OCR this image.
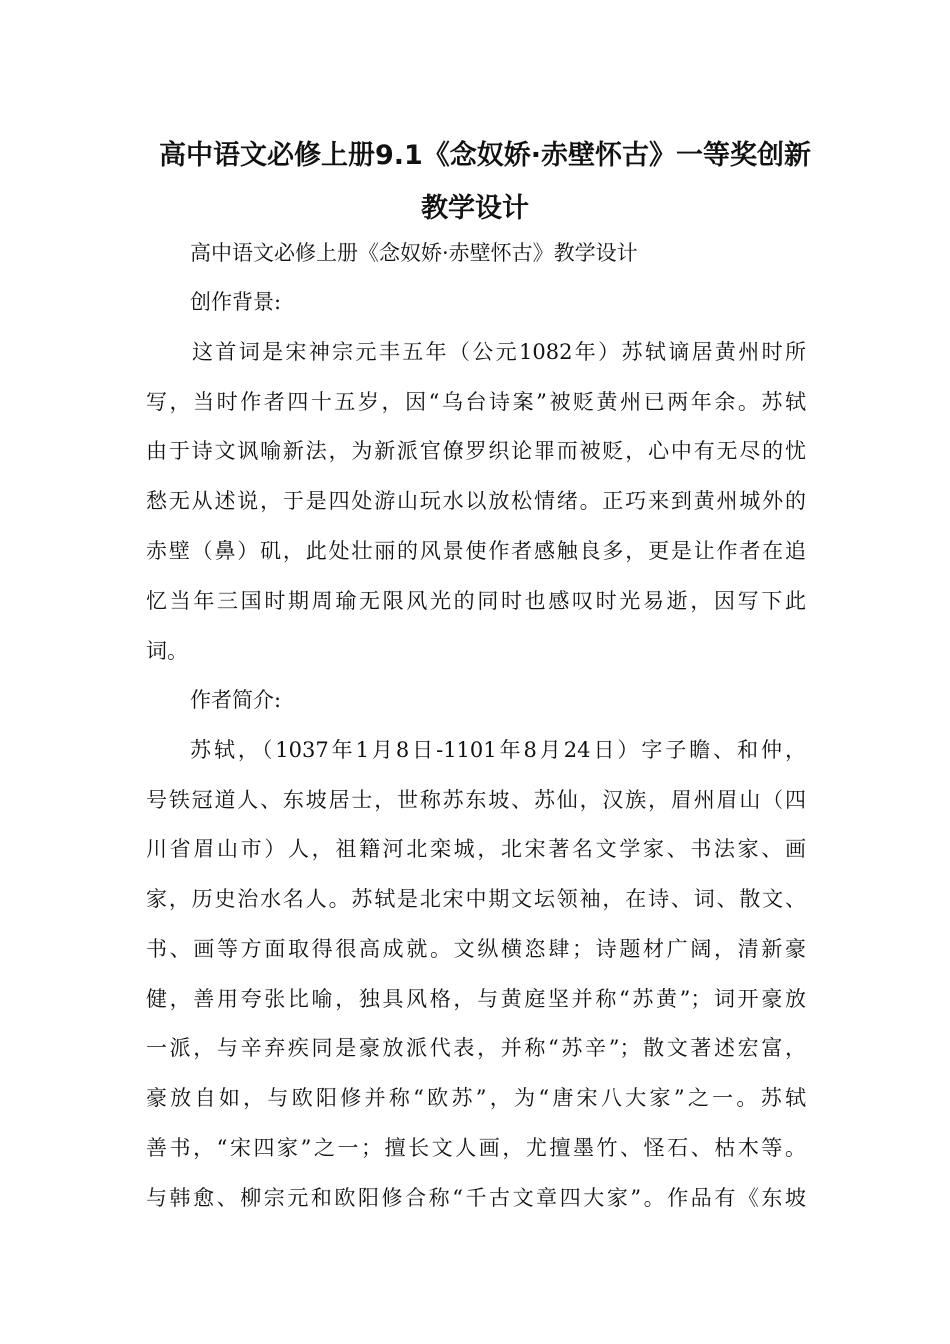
高中语文必修上册9.1《念奴娇·赤壁怀古》一等奖创新
教学设计
高中语文必修上册《念奴娇·赤壁怀古》教学设计
创作背景:
这首词是宋神宗元丰五年（公元1082年）苏轼谪居黄州时所
写，当时作者四十五岁，因“乌台诗案”被贬黄州已两年余。苏轼
由于诗文讽喻新法，为新派官僚罗织论罪而被贬，心中有无尽的忧
愁无从述说，于是四处游山玩水以放松情绪。正巧来到黄州城外的
赤壁（鼻）矶，此处壮丽的风景使作者感触良多，更是让作者在追
忆当年三国时期周瑜无限风光的同时也感叹时光易逝，因写下此
词。
作者简介:
苏轼，（1037年1月8日-1101年8月24日）字子瞻、和仲，
号铁冠道人、东坡居士，世称苏东坡、苏仙，汉族，眉州眉山（四
川省眉山市）人，祖籍河北栾城，北宋著名文学家、书法家、画
家，历史治水名人。苏轼是北宋中期文坛领袖，在诗、词、散文、
书、画等方面取得很高成就。文纵横恣肆；诗题材广阔，清新豪
健，善用夸张比喻，独具风格，与黄庭坚并称“苏黄”；词开豪放
一派，与辛弃疾同是豪放派代表，并称“苏辛”；散文著述宏富，
豪放自如，与欧阳修并称“欧苏”，为“唐宋八大家”之一。苏轼
善书，“宋四家”之一；擅长文人画，尤擅墨竹、怪石、枯木等。
与韩愈、柳宗元和欧阳修合称“千古文章四大家”。作品有《东坡
